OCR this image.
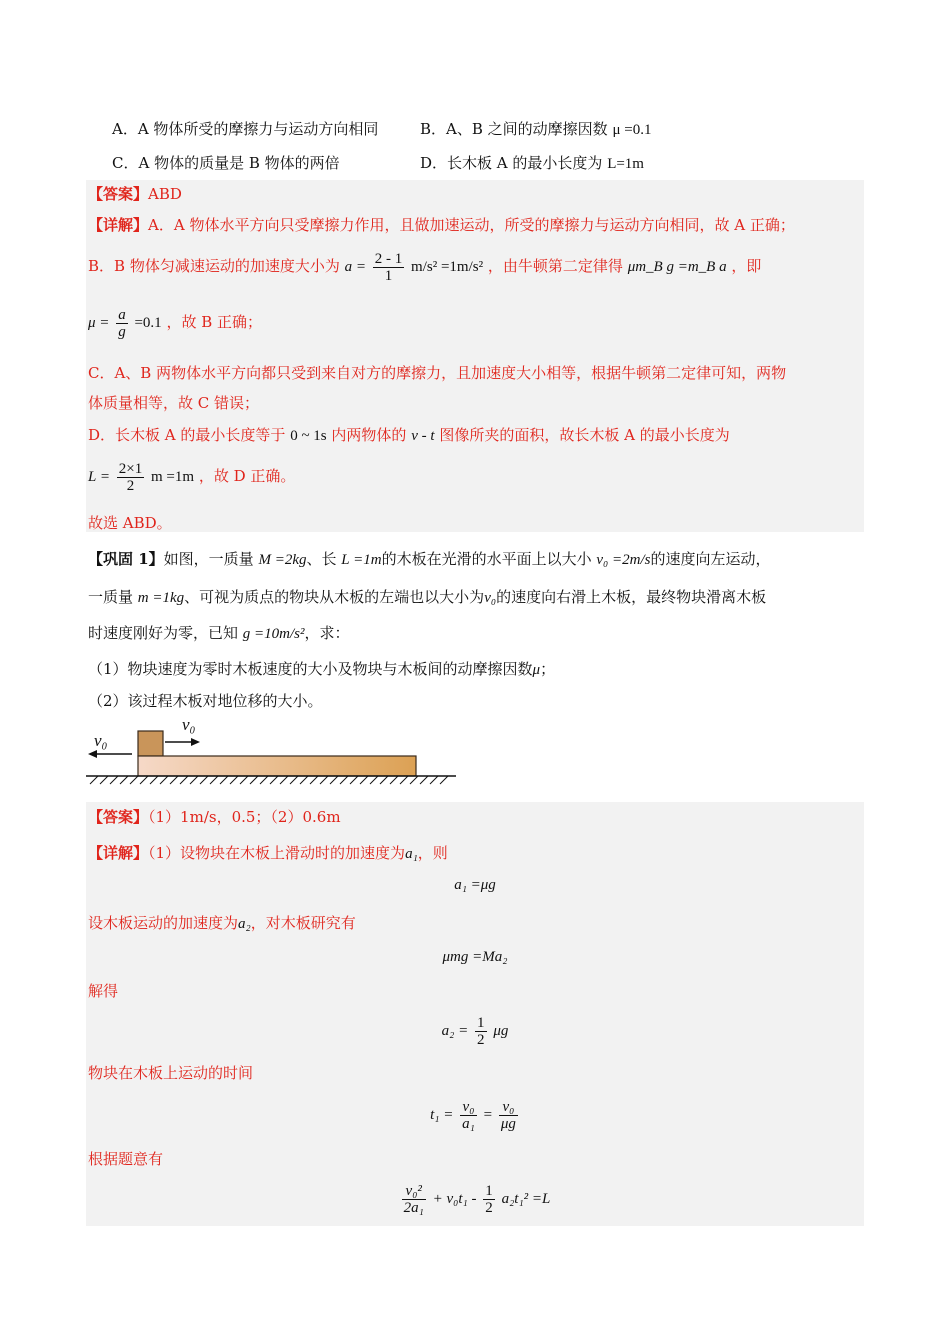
A．A 物体所受的摩擦力与运动方向相同	B．A、B 之间的动摩擦因数 μ =0.1
C．A 物体的质量是 B 物体的两倍	D．长木板 A 的最小长度为 L=1m
【答案】ABD
【详解】A．A 物体水平方向只受摩擦力作用，且做加速运动，所受的摩擦力与运动方向相同，故 A 正确；
B．B 物体匀减速运动的加速度大小为 $a = \frac{2 - 1}{1} m/s^2 =1m/s^2$ ，由牛顿第二定律得 μm_B g =m_B a ，即
$\mu = \frac{a}{g} =0.1$ ，故 B 正确；
C．A、B 两物体水平方向都只受到来自对方的摩擦力，且加速度大小相等，根据牛顿第二定律可知，两物
体质量相等，故 C 错误；
D．长木板 A 的最小长度等于 0 ~ 1s 内两物体的 v - t 图像所夹的面积，故长木板 A 的最小长度为
$L = \frac{2\times 1}{2}$ m =1m ，故 D 正确。
故选 ABD。
【巩固 1】如图，一质量 M =2kg、长 L =1m的木板在光滑的水平面上以大小 v₀ =2m/s的速度向左运动，
一质量 m =1kg、可视为质点的物块从木板的左端也以大小为v₀的速度向右滑上木板，最终物块滑离木板
时速度刚好为零，已知 g =10m/s²，求：
（1）物块速度为零时木板速度的大小及物块与木板间的动摩擦因数μ；
（2）该过程木板对地位移的大小。
v₀
v₀
【答案】（1）1m/s，0.5；（2）0.6m
【详解】（1）设物块在木板上滑动时的加速度为a₁，则
a₁ =μg
设木板运动的加速度为a₂，对木板研究有
μmg =Ma₂
解得
$a_2 = \frac{1}{2}$ μg
物块在木板上运动的时间
$t_1 = \frac{\text{v₀}}{\text{a₁}} = \frac{\text{v₀}}{\mu g}$
根据题意有
$\frac{\text{v₀²}}{\text{2a₁}} + v_0t_1 - \frac{1}{2} a_2t_1^2 =L$
